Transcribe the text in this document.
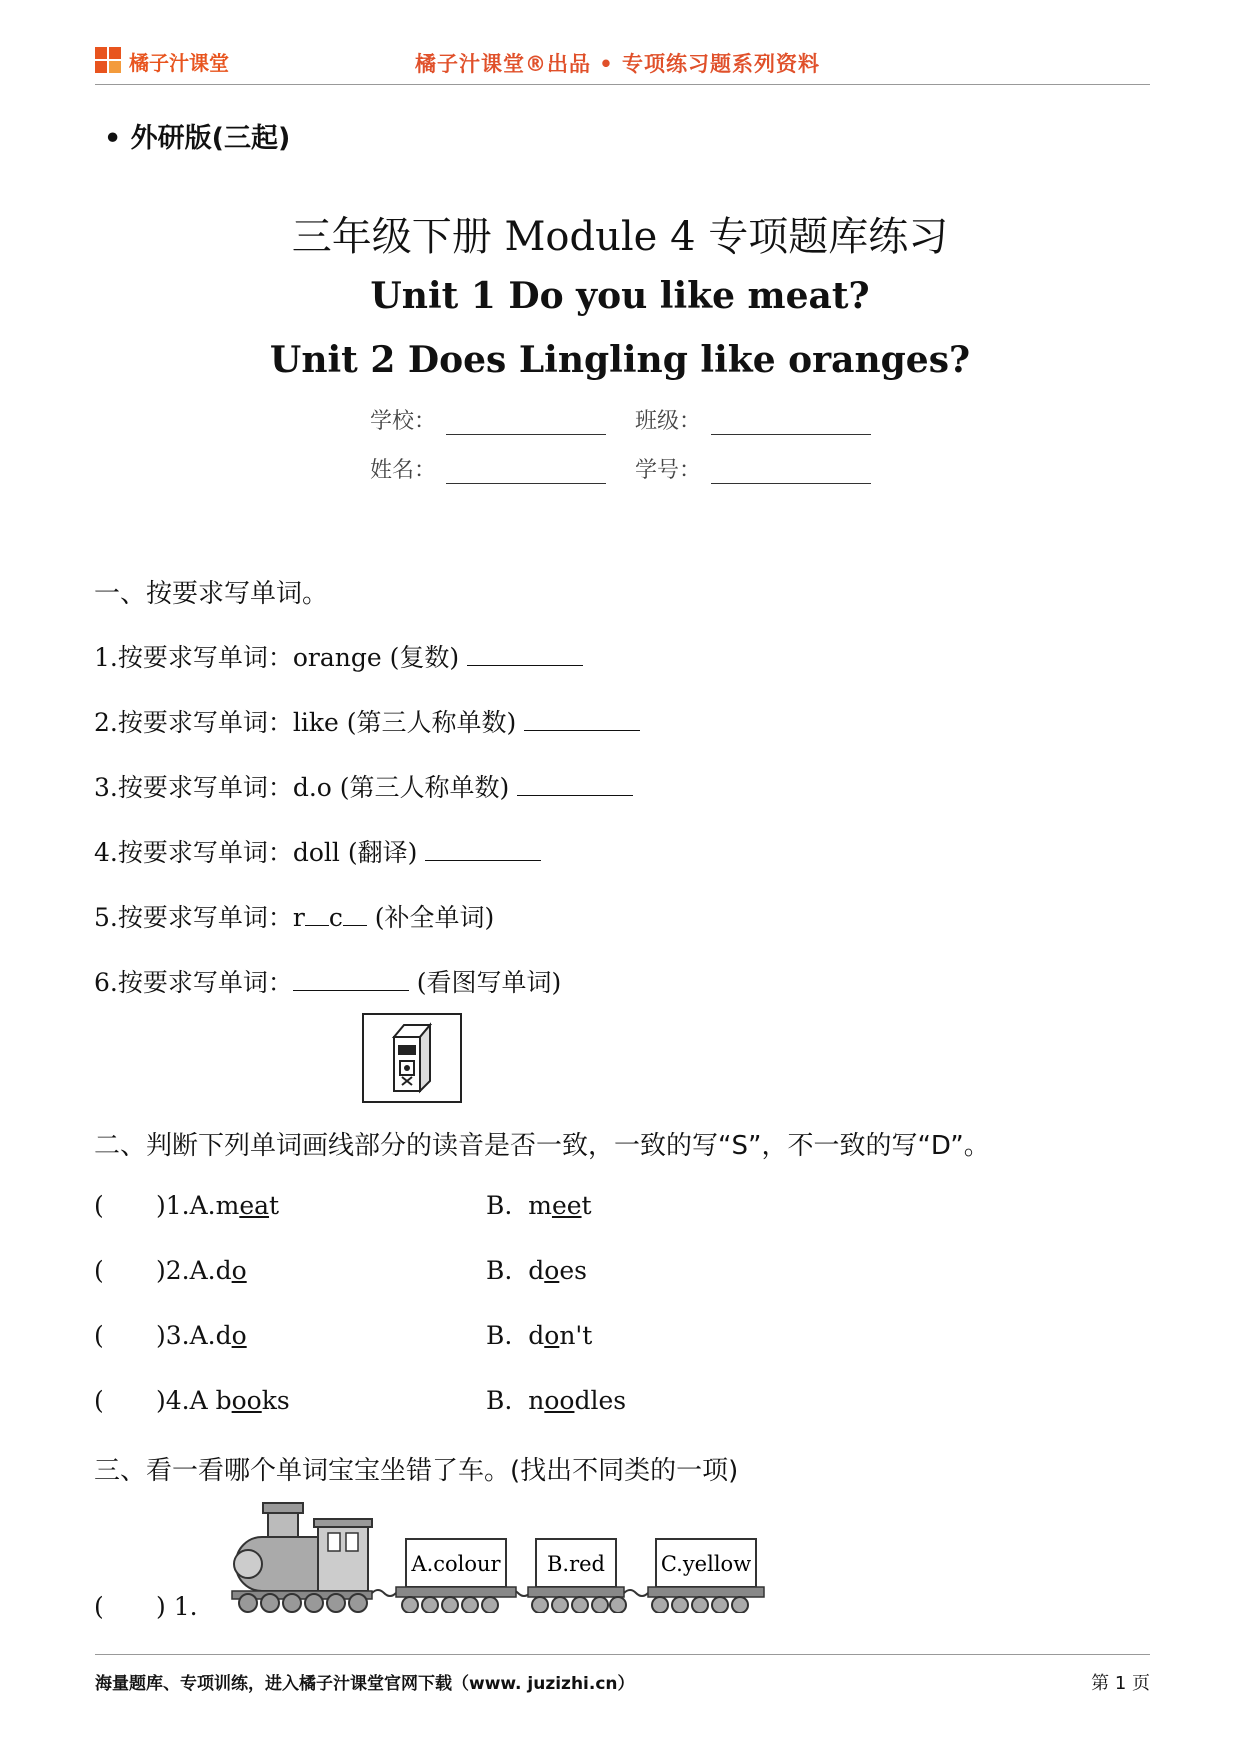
橘子汁课堂	橘子汁课堂®出品 • 专项练习题系列资料
• 外研版(三起)
三年级下册 Module 4 专项题库练习
Unit 1 Do you like meat?
Unit 2 Does Lingling like oranges?
学校：	班级：
姓名：	学号：
一、按要求写单词。
1.按要求写单词：orange (复数)
2.按要求写单词：like (第三人称单数)
3.按要求写单词：d.o (第三人称单数)
4.按要求写单词：doll (翻译)
5.按要求写单词：r c (补全单词)
6.按要求写单词：	(看图写单词)
二、判断下列单词画线部分的读音是否一致，一致的写“S”，不一致的写“D”。
( )1.A.meat	B. meet
( )2.A.do	B. does
( )3.A.do	B. don't
( )4.A books	B. noodles
三、看一看哪个单词宝宝坐错了车。(找出不同类的一项)
A.colour B.red	C.yellow
( ) 1.
海量题库、专项训练，进入橘子汁课堂官网下载（www. juzizhi.cn）	第 1 页
